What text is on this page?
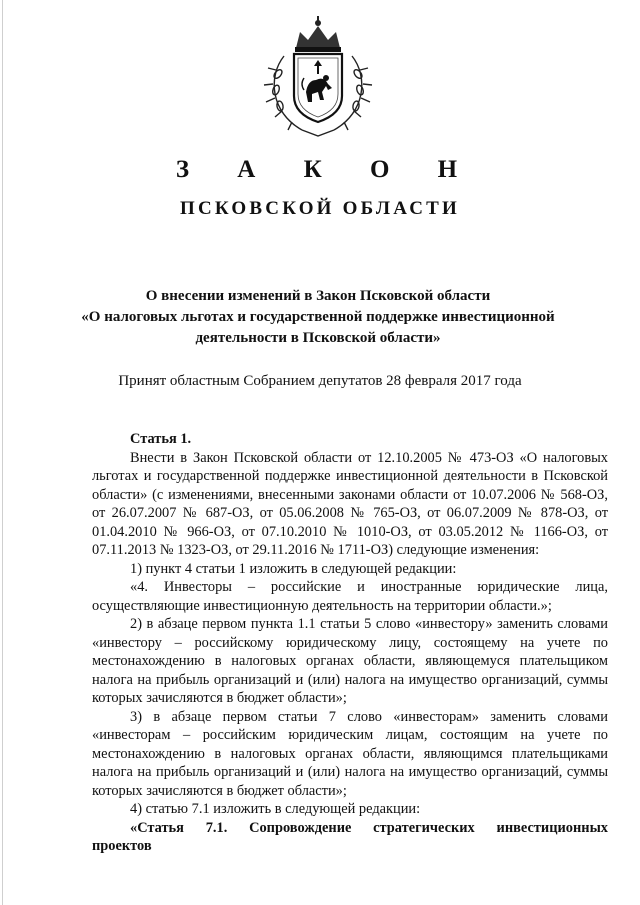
З А К О Н
ПСКОВСКОЙ ОБЛАСТИ
О внесении изменений в Закон Псковской области
«О налоговых льготах и государственной поддержке инвестиционной
деятельности в Псковской области»
Принят областным Собранием депутатов 28 февраля 2017 года

Статья 1.

Внести в Закон Псковской области от 12.10.2005 № 473-ОЗ «О налоговых льготах и государственной поддержке инвестиционной деятельности в Псковской области» (с изменениями, внесенными законами области от 10.07.2006 № 568-ОЗ, от 26.07.2007 № 687-ОЗ, от 05.06.2008 № 765-ОЗ, от 06.07.2009 № 878-ОЗ, от 01.04.2010 № 966-ОЗ, от 07.10.2010 № 1010-ОЗ, от 03.05.2012 № 1166-ОЗ, от 07.11.2013 № 1323-ОЗ, от 29.11.2016 № 1711-ОЗ) следующие изменения:

1) пункт 4 статьи 1 изложить в следующей редакции:

«4. Инвесторы – российские и иностранные юридические лица, осуществляющие инвестиционную деятельность на территории области.»;

2) в абзаце первом пункта 1.1 статьи 5 слово «инвестору» заменить словами «инвестору – российскому юридическому лицу, состоящему на учете по местонахождению в налоговых органах области, являющемуся плательщиком налога на прибыль организаций и (или) налога на имущество организаций, суммы которых зачисляются в бюджет области»;

3) в абзаце первом статьи 7 слово «инвесторам» заменить словами «инвесторам – российским юридическим лицам, состоящим на учете по местонахождению в налоговых органах области, являющимся плательщиками налога на прибыль организаций и (или) налога на имущество организаций, суммы которых зачисляются в бюджет области»;

4) статью 7.1 изложить в следующей редакции:

«Статья 7.1. Сопровождение стратегических инвестиционных

проектов
